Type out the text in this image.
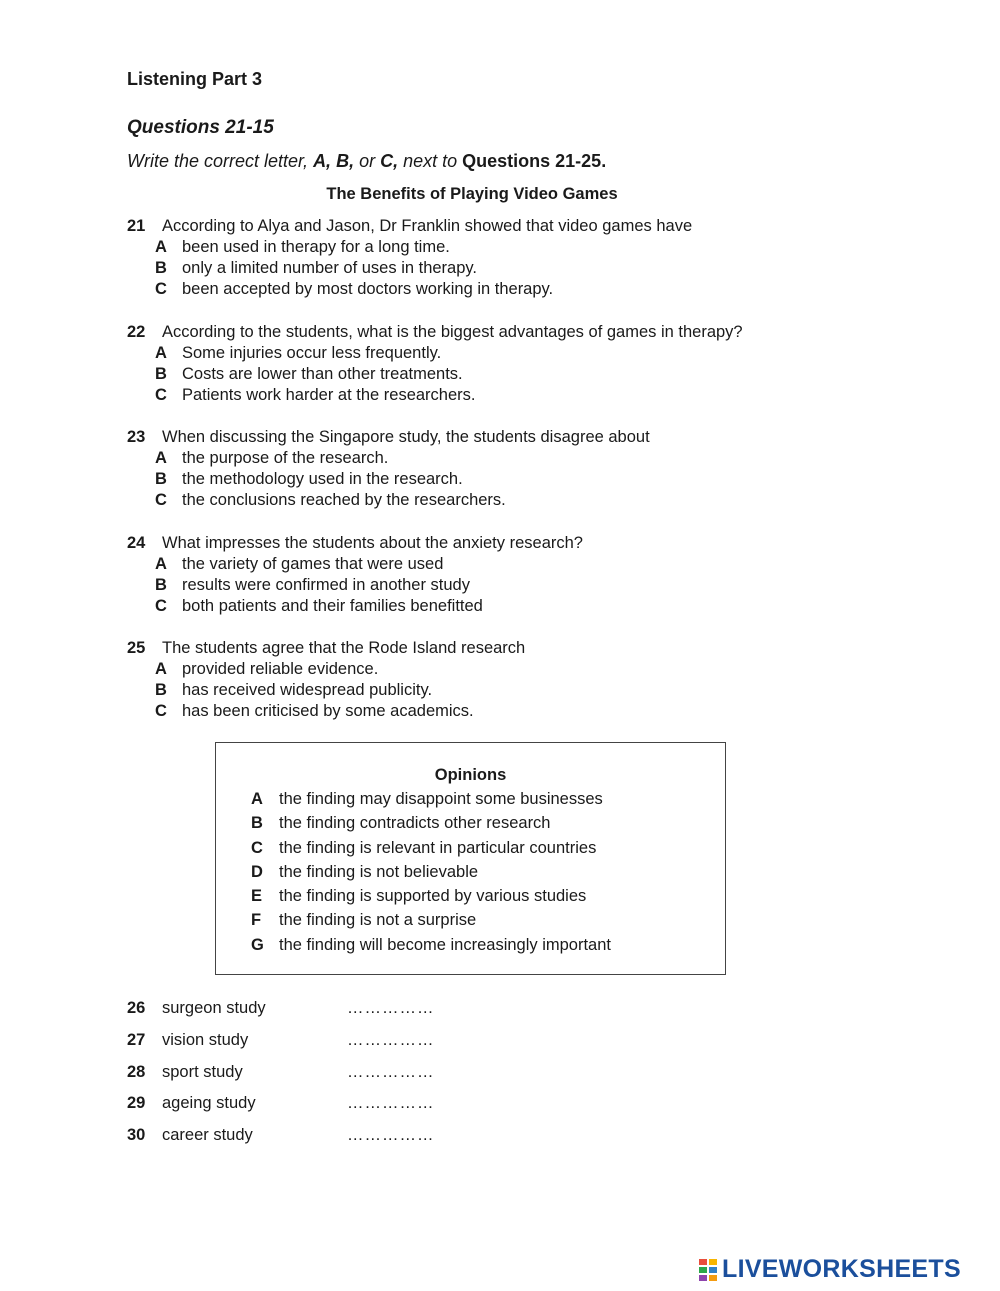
Listening Part 3
Questions 21-15
Write the correct letter, A, B, or C, next to Questions 21-25.
The Benefits of Playing Video Games
21	According to Alya and Jason, Dr Franklin showed that video games have
A been used in therapy for a long time.
B only a limited number of uses in therapy.
C been accepted by most doctors working in therapy.
22	According to the students, what is the biggest advantages of games in therapy?
A Some injuries occur less frequently.
B Costs are lower than other treatments.
C Patients work harder at the researchers.
23	When discussing the Singapore study, the students disagree about
A the purpose of the research.
B the methodology used in the research.
C the conclusions reached by the researchers.
24	What impresses the students about the anxiety research?
A the variety of games that were used
B results were confirmed in another study
C both patients and their families benefitted
25	The students agree that the Rode Island research
A provided reliable evidence.
B has received widespread publicity.
C has been criticised by some academics.
Opinions
A the finding may disappoint some businesses
B the finding contradicts other research
C the finding is relevant in particular countries
D the finding is not believable
E	the finding is supported by various studies
F	the finding is not a surprise
G the finding will become increasingly important
26	surgeon study	……………
27	vision study	……………
28	sport study	……………
29	ageing study	……………
30	career study	……………
LIVEWORKSHEETS
